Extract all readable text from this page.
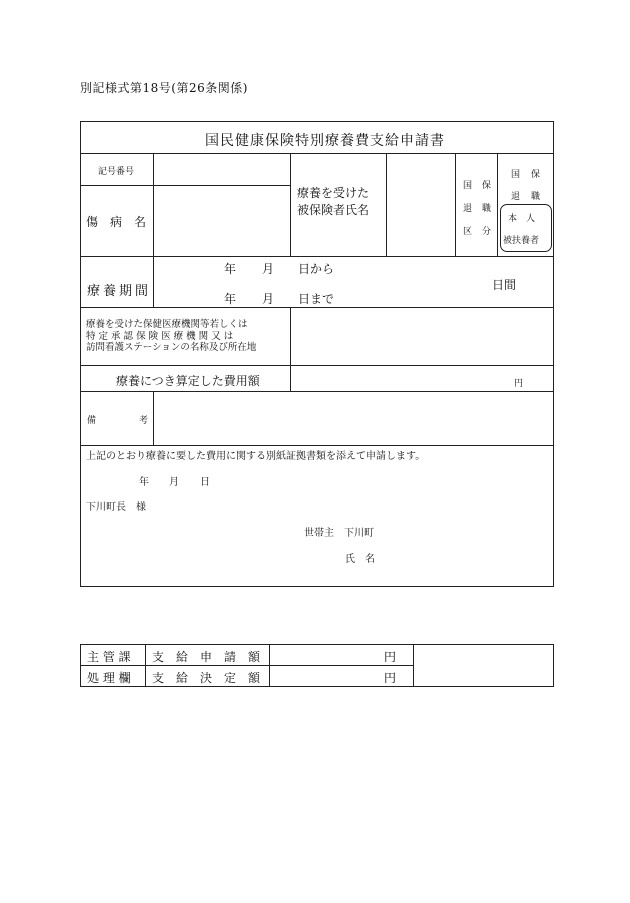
別記様式第18号(第26条関係)
国民健康保険特別療養費支給申請書
記号番号
傷　病　名
療養を受けた
被保険者氏名
国 保
退 職
区 分
国 保
退 職
本　人
被扶養者
療養期間
年 月 日から
年 月 日まで
日間
療養を受けた保健医療機関等若しくは
特 定 承 認 保 険 医 療 機 関 又 は
訪問看護ステーションの名称及び所在地
療養につき算定した費用額	円
備	考
上記のとおり療養に要した費用に関する別紙証拠書類を添えて申請します。
年 月 日
下川町長　様
世帯主 下川町
氏　名
主 管 課
処 理 欄
支　給　申　請　額
支　給　決　定　額
円
円
